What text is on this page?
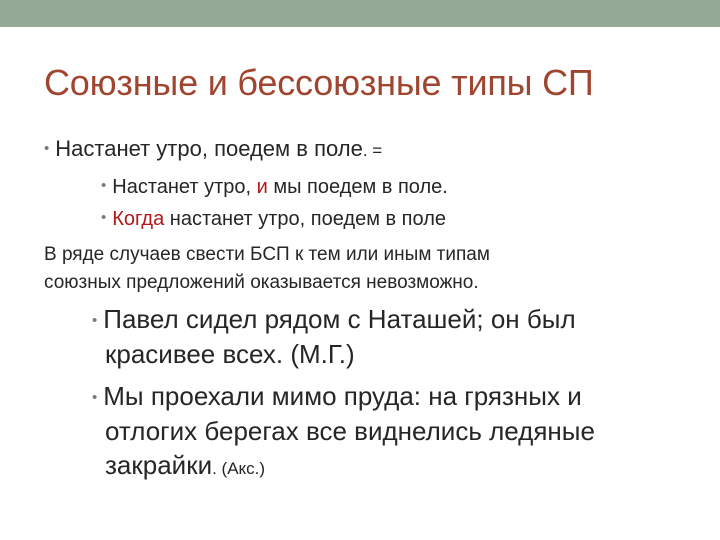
Союзные и бессоюзные типы СП
• Настанет утро, поедем в поле. =
• Настанет утро, и мы поедем в поле.
• Когда настанет утро, поедем в поле
В ряде случаев свести БСП к тем или иным типам
союзных предложений оказывается невозможно.
• Павел сидел рядом с Наташей; он был
красивее всех. (М.Г.)
• Мы проехали мимо пруда: на грязных и
отлогих берегах все виднелись ледяные
закрайки. (Акс.)
